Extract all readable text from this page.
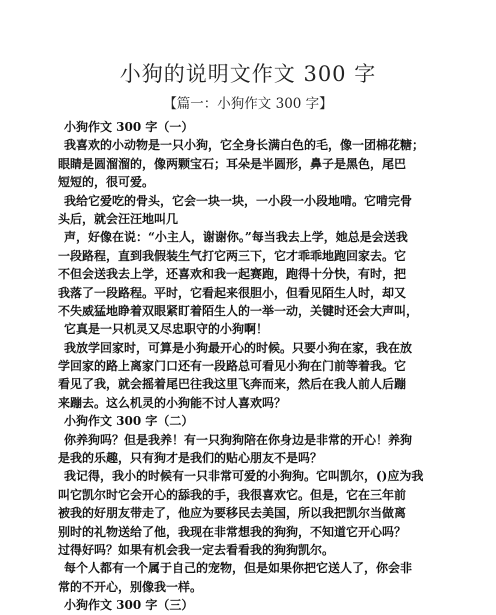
小狗的说明文作文 300 字
【篇一：小狗作文 300 字】
小狗作文 300 字（一）
我喜欢的小动物是一只小狗，它全身长满白色的毛，像一团棉花糖；
眼睛是圆溜溜的，像两颗宝石；耳朵是半圆形，鼻子是黑色，尾巴
短短的，很可爱。
我给它爱吃的骨头，它会一块一块，一小段一小段地啃。它啃完骨
头后，就会汪汪地叫几
声，好像在说：“小主人，谢谢你。”每当我去上学，她总是会送我
一段路程，直到我假装生气打它两三下，它才乖乖地跑回家去。它
不但会送我去上学，还喜欢和我一起赛跑，跑得十分快，有时，把
我落了一段路程。平时，它看起来很胆小，但看见陌生人时，却又
不失威猛地睁着双眼紧盯着陌生人的一举一动，关键时还会大声叫，
它真是一只机灵又尽忠职守的小狗啊！
我放学回家时，可算是小狗最开心的时候。只要小狗在家，我在放
学回家的路上离家门口还有一段路总可看见小狗在门前等着我。它
看见了我，就会摇着尾巴往我这里飞奔而来，然后在我人前人后蹦
来蹦去。这么机灵的小狗能不讨人喜欢吗？
小狗作文 300 字（二）
你养狗吗？但是我养！有一只狗狗陪在你身边是非常的开心！养狗
是我的乐趣，只有狗才是我们的贴心朋友不是吗？
我记得，我小的时候有一只非常可爱的小狗狗。它叫凯尔，()应为我
叫它凯尔时它会开心的舔我的手，我很喜欢它。但是，它在三年前
被我的好朋友带走了，他应为要移民去美国，所以我把凯尔当做离
别时的礼物送给了他，我现在非常想我的狗狗，不知道它开心吗？
过得好吗？如果有机会我一定去看看我的狗狗凯尔。
每个人都有一个属于自己的宠物，但是如果你把它送人了，你会非
常的不开心，别像我一样。
小狗作文 300 字（三）
